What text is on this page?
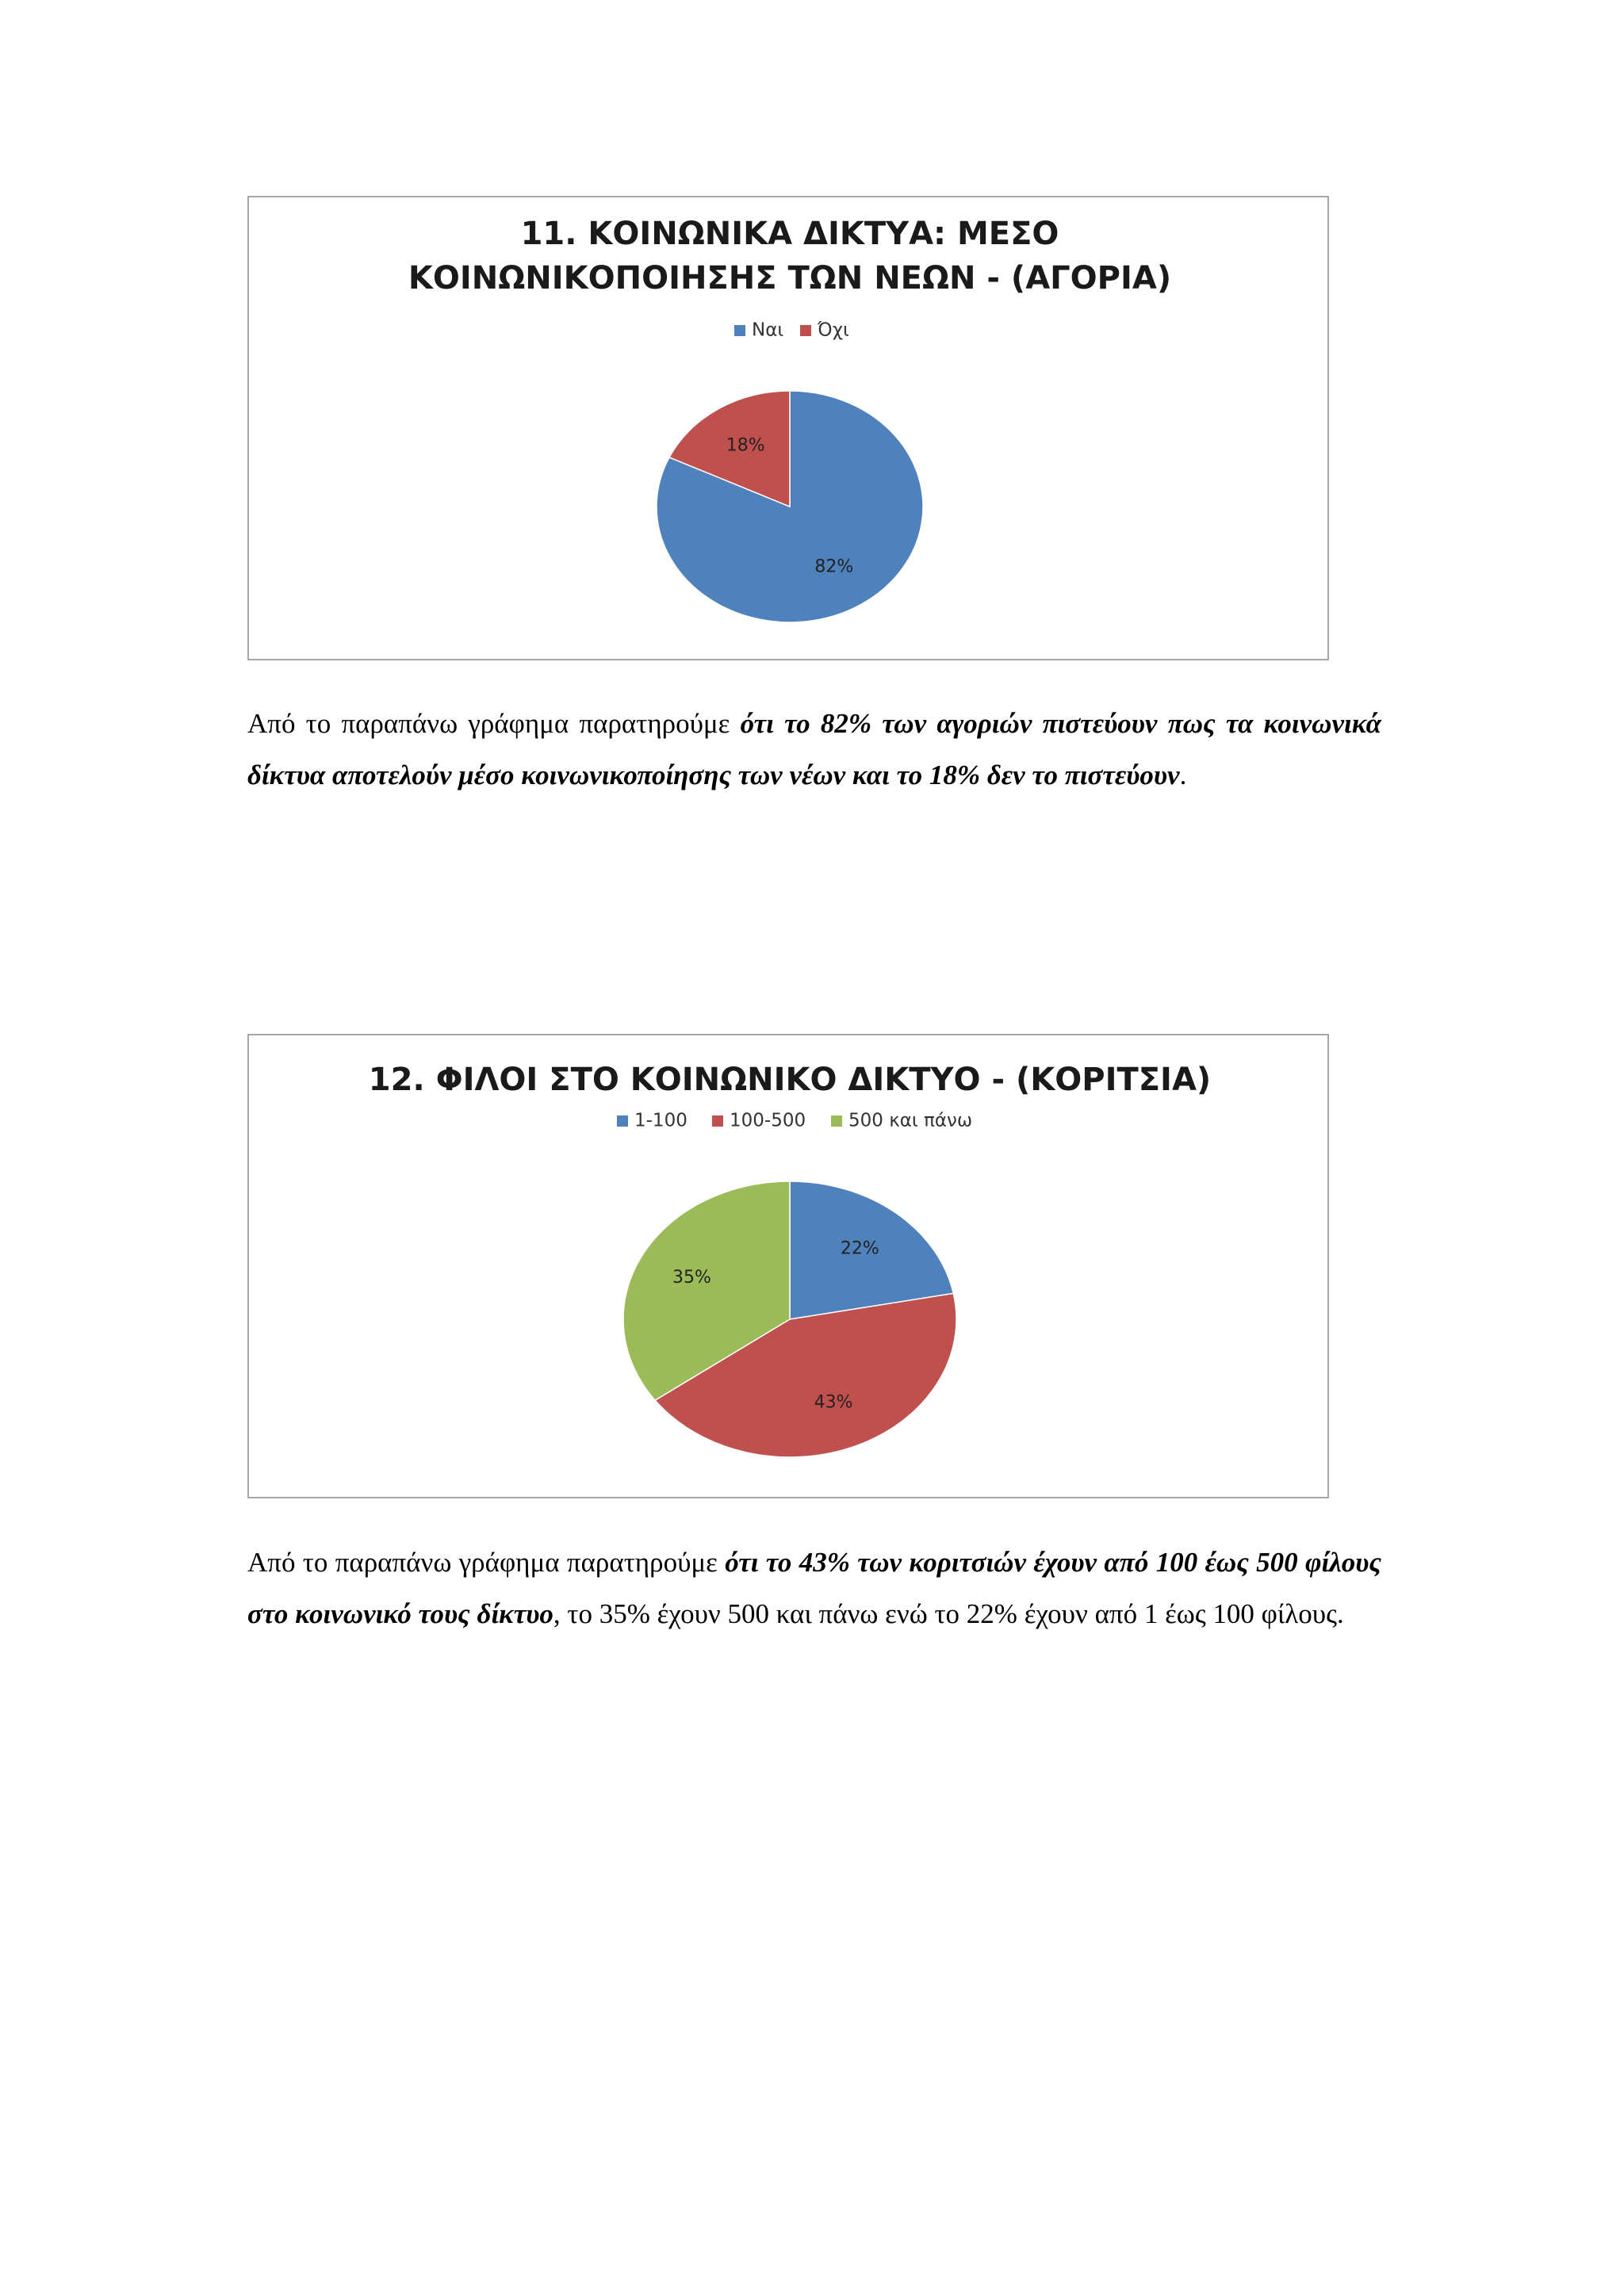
11. ΚΟΙΝΩΝΙΚΑ ΔΙΚΤΥΑ: ΜΕΣΟ
ΚΟΙΝΩΝΙΚΟΠΟΙΗΣΗΣ ΤΩΝ ΝΕΩΝ - (ΑΓΟΡΙΑ)
Ναι Όχι
82%
18%

Από το παραπάνω γράφημα παρατηρούμε ότι το 82% των αγοριών πιστεύουν πως τα κοινωνικά δίκτυα αποτελούν μέσο κοινωνικοποίησης των νέων και το 18% δεν το πιστεύουν.

12. ΦΙΛΟΙ ΣΤΟ ΚΟΙΝΩΝΙΚΟ ΔΙΚΤΥΟ - (ΚΟΡΙΤΣΙΑ)
1-100 100-500 500 και πάνω
22%
43%
35%

Από το παραπάνω γράφημα παρατηρούμε ότι το 43% των κοριτσιών έχουν από 100 έως 500 φίλους στο κοινωνικό τους δίκτυο, το 35% έχουν 500 και πάνω ενώ το 22% έχουν από 1 έως 100 φίλους.
